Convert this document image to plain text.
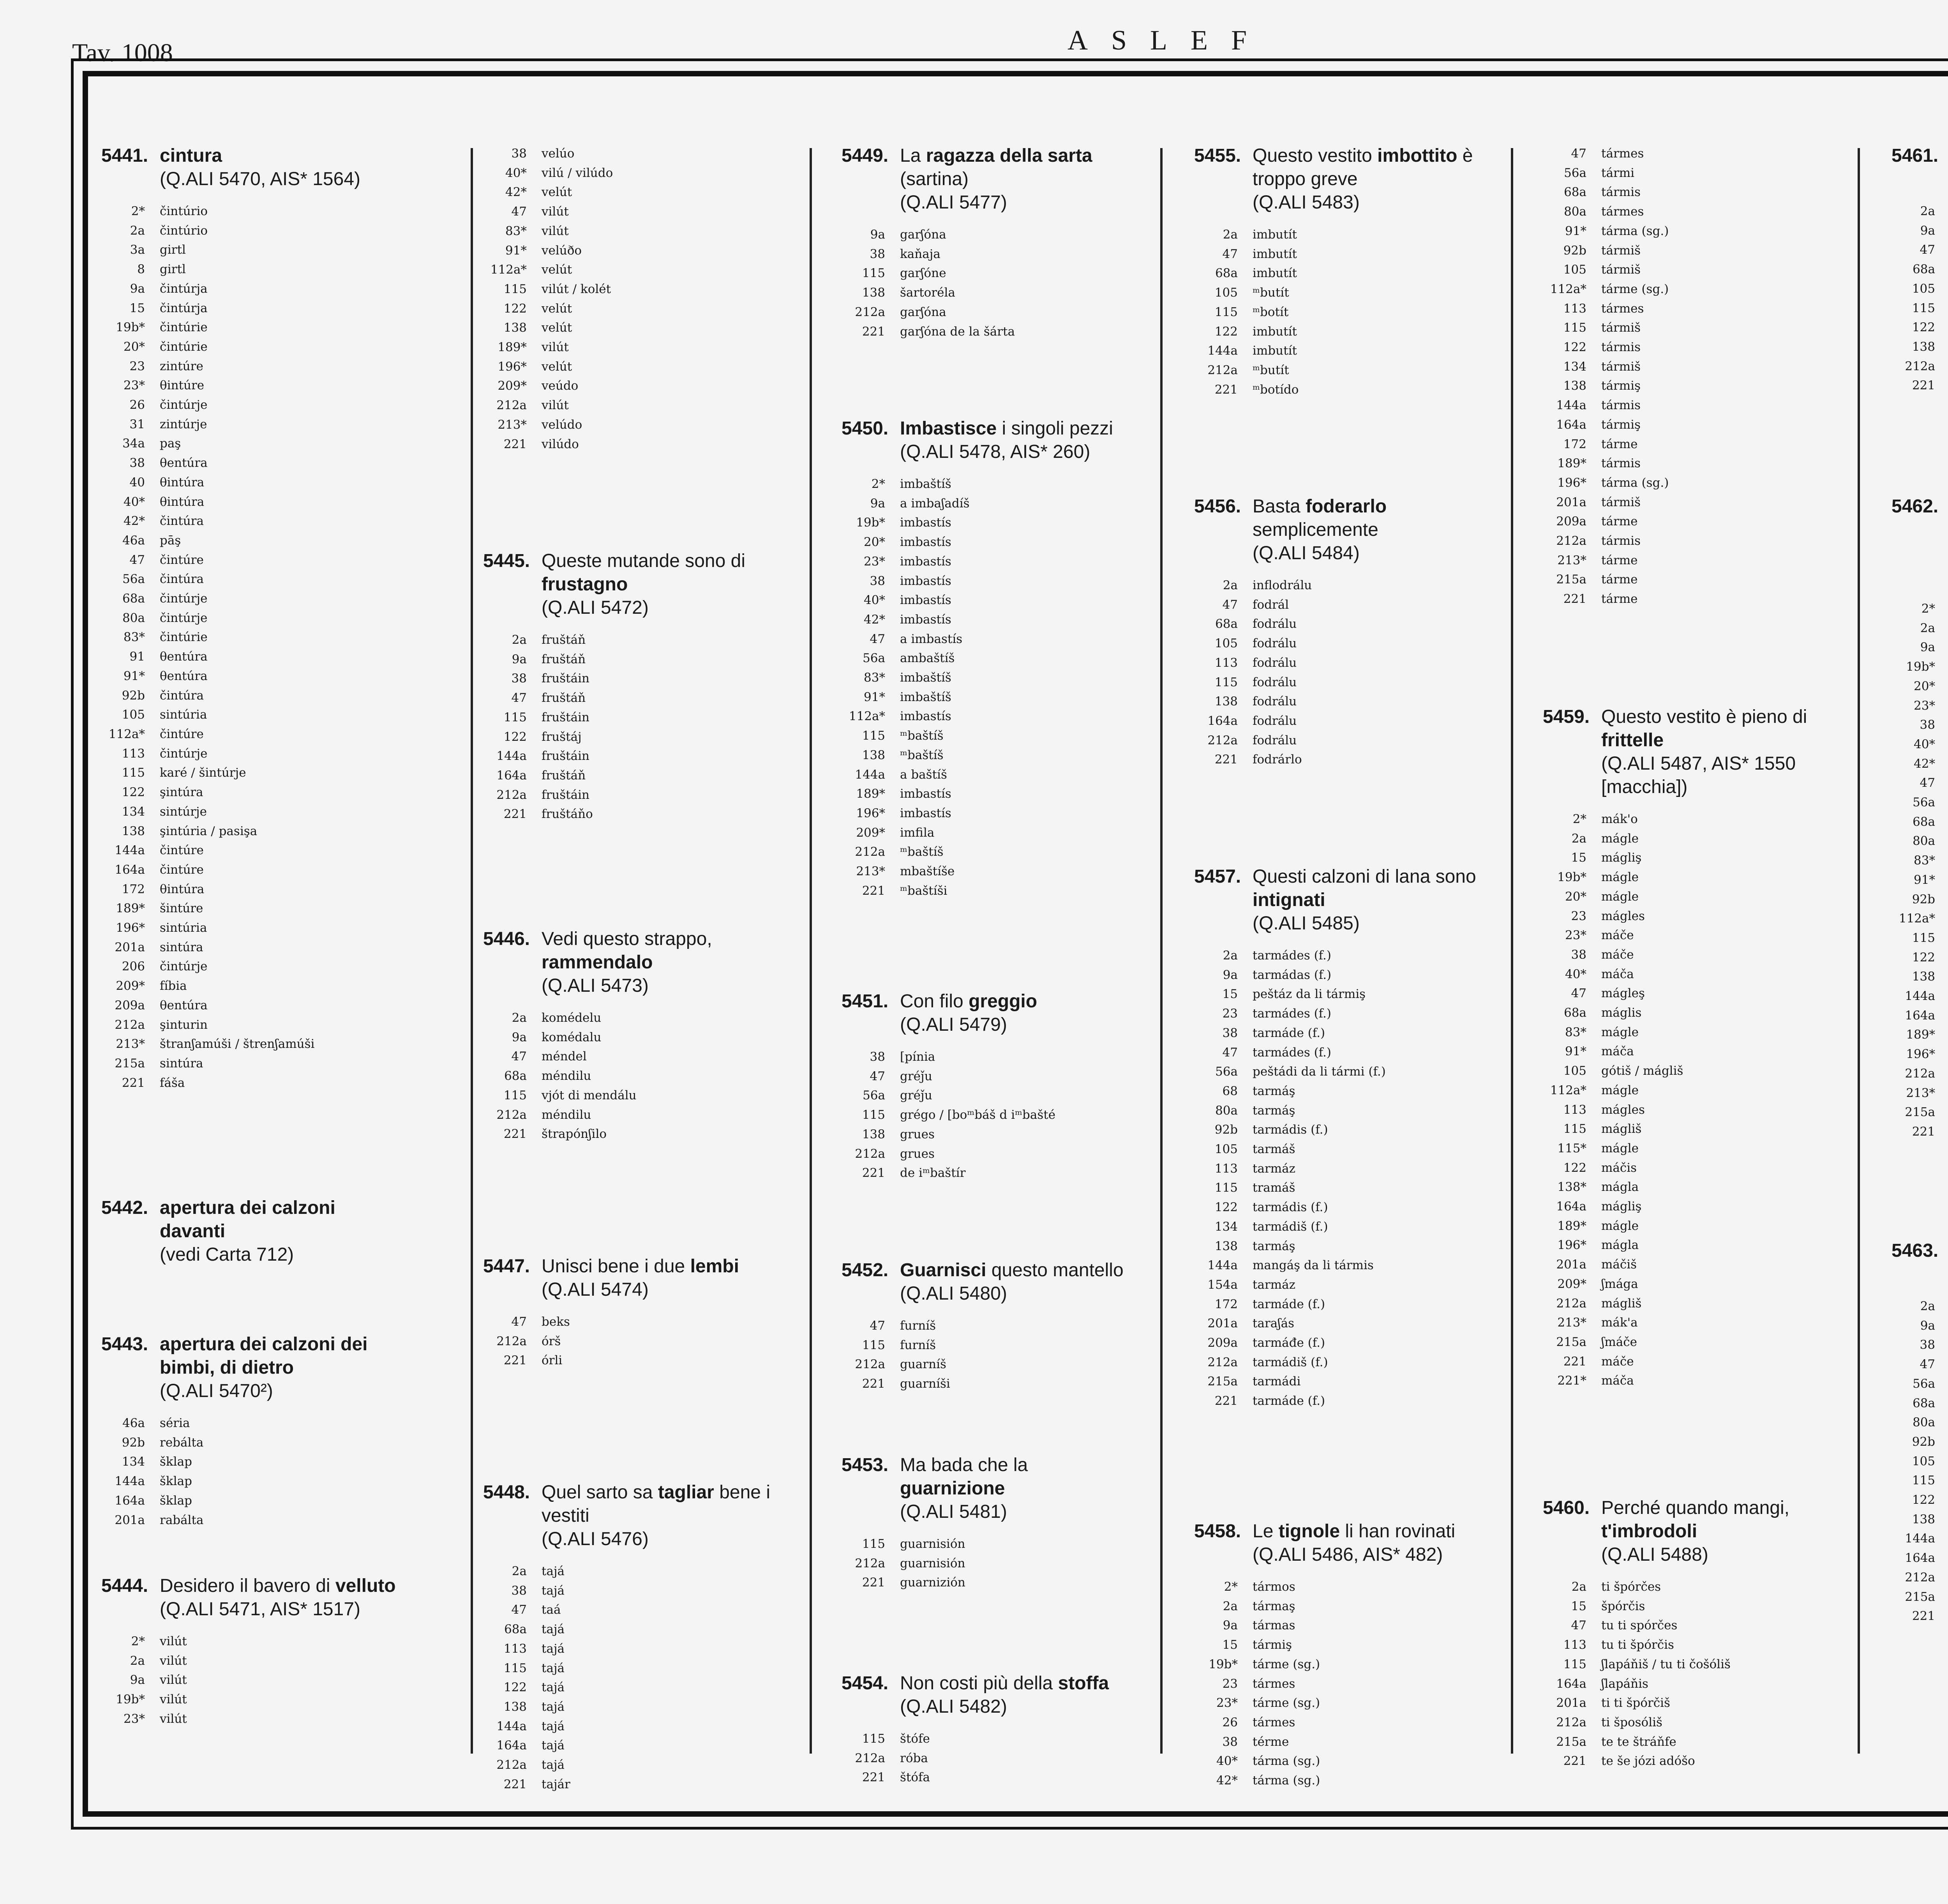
Tav. 1008	ASLEF
5441. cintura
(Q.ALI 5470, AIS* 1564)
2* čintúrio
2a čintúrio
3a girtl
8 girtl
9a čintúrja
15 čintúrja
19b* čintúrie
20* čintúrie
23 zintúre
23* θintúre
26 čintúrje
31 zintúrje
34a paş
38 θentúra
40 θintúra
40* θintúra
42* čintúra
46a pāş
47 čintúre
56a čintúra
68a čintúrje
80a čintúrje
83* čintúrie
91 θentúra
91* θentúra
92b čintúra
105 sintúria
112a* čintúre
113 čintúrje
115 karé / šintúrje
122 şintúra
134 sintúrje
138 şintúria / pasişa
144a čintúre
164a čintúre
172 θintúra
189* šintúre
196* sintúria
201a sintúra
206 čintúrje
209* fíbia
209a θentúra
212a şinturin
213* štranʃamúši / štrenʃamúši
215a sintúra
221 fáša
5442. apertura dei calzoni davanti
(vedi Carta 712)
5443. apertura dei calzoni dei bimbi, di dietro
(Q.ALI 5470²)
46a séria
92b rebálta
134 šklap
144a šklap
164a šklap
201a rabálta
5444. Desidero il bavero di velluto
(Q.ALI 5471, AIS* 1517)
2* vilút
2a vilút
9a vilút
19b* vilút
23* vilút
38 velúo
40* vilú / vilúdo
42* velút
47 vilút
83* vilút
91* velúðo
112a* velút
115 vilút / kolét
122 velút
138 velút
189* vilút
196* velút
209* veúdo
212a vilút
213* velúdo
221 vilúdo
5445. Queste mutande sono di frustagno
(Q.ALI 5472)
2a fruštáň
9a fruštáň
38 fruštáin
47 fruštáň
115 fruštáin
122 fruštáj
144a fruštáin
164a fruštáň
212a fruštáin
221 fruštáňo
5446. Vedi questo strappo, rammendalo
(Q.ALI 5473)
2a komédelu
9a komédalu
47 méndel
68a méndilu
115 vjót di mendálu
212a méndilu
221 štrapónʃilo
5447. Unisci bene i due lembi
(Q.ALI 5474)
47 beks
212a órš
221 órli
5448. Quel sarto sa tagliar bene i vestiti
(Q.ALI 5476)
2a tajá
38 tajá
47 taá
68a tajá
113 tajá
115 tajá
122 tajá
138 tajá
144a tajá
164a tajá
212a tajá
221 tajár
5449. La ragazza della sarta (sartina)
(Q.ALI 5477)
9a garʃóna
38 kaňaja
115 garʃóne
138 šartoréla
212a garʃóna
221 garʃóna de la šárta
5450. Imbastisce i singoli pezzi
(Q.ALI 5478, AIS* 260)
2* imbaštíš
9a a imbaʃadíš
19b* imbastís
20* imbastís
23* imbastís
38 imbastís
40* imbastís
42* imbastís
47 a imbastís
56a ambaštíš
83* imbaštíš
91* imbaštíš
112a* imbastís
115 ᵐbaštíš
138 ᵐbaštíš
144a a baštíš
189* imbastís
196* imbastís
209* imfila
212a ᵐbaštíš
213* mbaštíše
221 ᵐbaštíši
5451. Con filo greggio
(Q.ALI 5479)
38 [pínia
47 gréǰu
56a gréǰu
115 grégo / [boᵐbáš d iᵐbašté
138 grues
212a grues
221 de iᵐbaštír
5452. Guarnisci questo mantello
(Q.ALI 5480)
47 furníš
115 furníš
212a guarníš
221 guarníši
5453. Ma bada che la guarnizione
(Q.ALI 5481)
115 guarnisión
212a guarnisión
221 guarnizión
5454. Non costi più della stoffa
(Q.ALI 5482)
115 štófe
212a róba
221 štófa
5455. Questo vestito imbottito è troppo greve
(Q.ALI 5483)
2a imbutít
47 imbutít
68a imbutít
105 ᵐbutít
115 ᵐbotít
122 imbutít
144a imbutít
212a ᵐbutít
221 ᵐbotído
5456. Basta foderarlo semplicemente
(Q.ALI 5484)
2a inflodrálu
47 fodrál
68a fodrálu
105 fodrálu
113 fodrálu
115 fodrálu
138 fodrálu
164a fodrálu
212a fodrálu
221 fodrárlo
5457. Questi calzoni di lana sono intignati
(Q.ALI 5485)
2a tarmádes (f.)
9a tarmádas (f.)
15 peštáz da li tármiş
23 tarmádes (f.)
38 tarmáde (f.)
47 tarmádes (f.)
56a peštádi da li tármi (f.)
68 tarmáş
80a tarmáş
92b tarmádis (f.)
105 tarmáš
113 tarmáz
115 tramáš
122 tarmádis (f.)
134 tarmádiš (f.)
138 tarmáş
144a mangáş da li tármis
154a tarmáz
172 tarmáde (f.)
201a taraʃás
209a tarmáđe (f.)
212a tarmádiš (f.)
215a tarmádi
221 tarmáde (f.)
5458. Le tignole li han rovinati
(Q.ALI 5486, AIS* 482)
2* tármos
2a tármaş
9a tármas
15 tármiş
19b* tárme (sg.)
23 tármes
23* tárme (sg.)
26 tármes
38 térme
40* tárma (sg.)
42* tárma (sg.)
47 tármes
56a tármi
68a tármis
80a tármes
91* tárma (sg.)
92b tármiš
105 tármiš
112a* tárme (sg.)
113 tármes
115 tármiš
122 tármis
134 tármiš
138 tármiş
144a tármis
164a tármiş
172 tárme
189* tármis
196* tárma (sg.)
201a tármiš
209a tárme
212a tármis
213* tárme
215a tárme
221 tárme
5459. Questo vestito è pieno di frittelle
(Q.ALI 5487, AIS* 1550 [macchia])
2* mák'o
2a mágle
15 mágliş
19b* mágle
20* mágle
23 mágles
23* máče
38 máče
40* máča
47 mágleş
68a máglis
83* mágle
91* máča
105 gótiš / mágliš
112a* mágle
113 mágles
115 mágliš
115* mágle
122 máčis
138* mágla
164a mágliş
189* mágle
196* mágla
201a máčiš
209* ʃmága
212a mágliš
213* mák'a
215a ʃmáče
221 máče
221* máča
5460. Perché quando mangi, t'imbrodoli
(Q.ALI 5488)
2a ti špórčes
15 špórčis
47 tu ti spórčes
113 tu ti špórčis
115 ʃlapáňiš / tu ti čošóliš
164a ʃlapáňis
201a ti ti špórčiš
212a ti šposóliš
215a te te štráňfe
221 te še józi adóšo
5461.

2a
9a
47
68a
105
115
122
138
212a
221
5462.

2*
2a
9a
19b*
20*
23*
38
40*
42*
47
56a
68a
80a
83*
91*
92b
112a*
115
122
138
144a
164a
189*
196*
212a
213*
215a
221
5463.

2a
9a
38
47
56a
68a
80a
92b
105
115
122
138
144a
164a
212a
215a
221
